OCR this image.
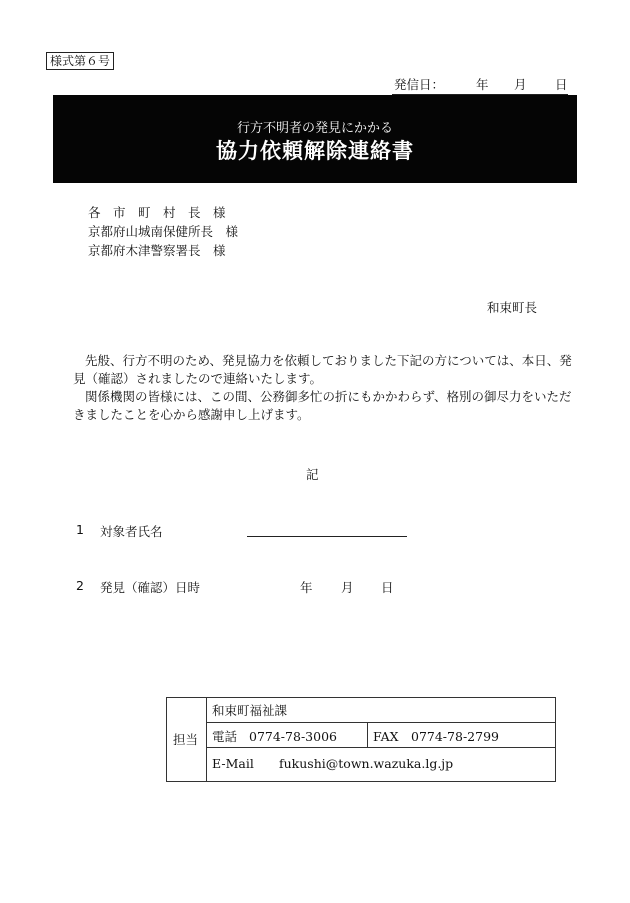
様式第６号
発信日：	年 月 日
行方不明者の発見にかかる
協力依頼解除連絡書
各　市　町　村　長　様
京都府山城南保健所長　様
京都府木津警察署長　様
和束町長

先般、行方不明のため、発見協力を依頼しておりました下記の方については、本日、発見（確認）されましたので連絡いたします。

関係機関の皆様には、この間、公務御多忙の折にもかかわらず、格別の御尽力をいただきましたことを心から感謝申し上げます。

記
1 対象者氏名
2 発見（確認）日時	年 月 日
担当
和束町福祉課
電話 0774-78-3006	FAX 0774-78-2799
E-Mail fukushi@town.wazuka.lg.jp
